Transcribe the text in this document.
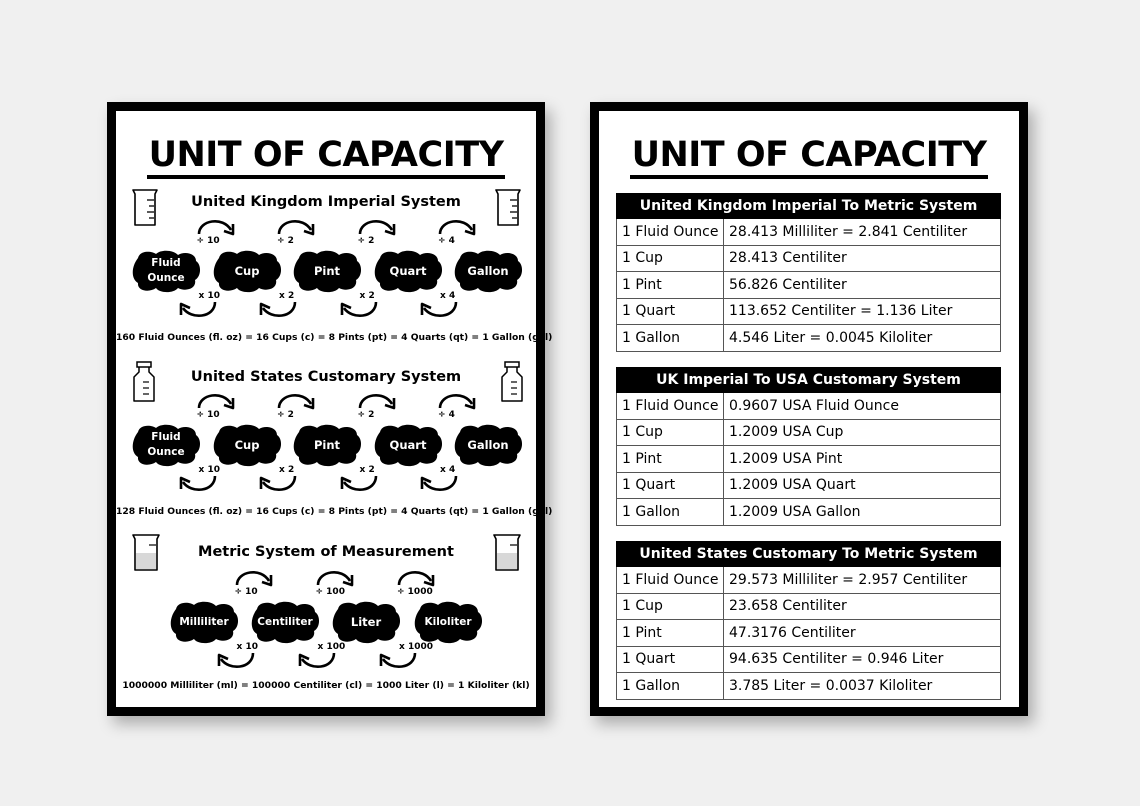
UNIT OF CAPACITY
United Kingdom Imperial System
Fluid
Ounce
Cup	Pint	Quart	Gallon
÷ 10
x 10
÷ 2
x 2
÷ 2
x 2
÷ 4
x 4
160 Fluid Ounces (fl. oz) = 16 Cups (c) = 8 Pints (pt) = 4 Quarts (qt) = 1 Gallon (gal)
United States Customary System
Fluid
Ounce
Cup	Pint	Quart	Gallon
÷ 10
x 10
÷ 2
x 2
÷ 2
x 2
÷ 4
x 4
128 Fluid Ounces (fl. oz) = 16 Cups (c) = 8 Pints (pt) = 4 Quarts (qt) = 1 Gallon (gal)
Metric System of Measurement
Milliliter	Centiliter	Liter	Kiloliter
÷ 10
x 10
÷ 100
x 100
÷ 1000
x 1000
1000000 Milliliter (ml) = 100000 Centiliter (cl) = 1000 Liter (l) = 1 Kiloliter (kl)
UNIT OF CAPACITY
United Kingdom Imperial To Metric System	
1 Fluid Ounce	28.413 Milliliter = 2.841 Centiliter
1 Cup	28.413 Centiliter
1 Pint	56.826 Centiliter
1 Quart	113.652 Centiliter = 1.136 Liter
1 Gallon	4.546 Liter = 0.0045 Kiloliter
UK Imperial To USA Customary System	
1 Fluid Ounce	0.9607 USA Fluid Ounce
1 Cup	1.2009 USA Cup
1 Pint	1.2009 USA Pint
1 Quart	1.2009 USA Quart
1 Gallon	1.2009 USA Gallon
United States Customary To Metric System	
1 Fluid Ounce	29.573 Milliliter = 2.957 Centiliter
1 Cup	23.658 Centiliter
1 Pint	47.3176 Centiliter
1 Quart	94.635 Centiliter = 0.946 Liter
1 Gallon	3.785 Liter = 0.0037 Kiloliter
